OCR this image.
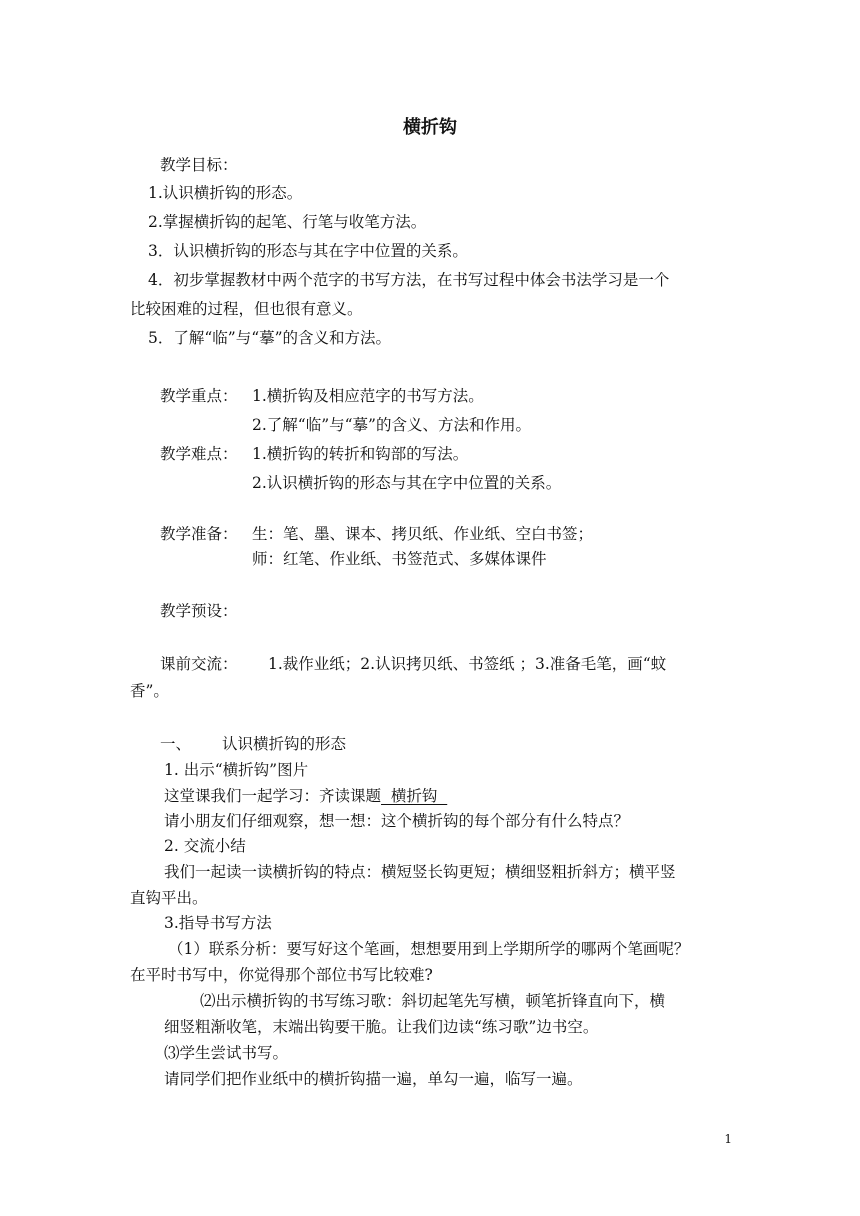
横折钩
教学目标：
1.认识横折钩的形态。
2.掌握横折钩的起笔、行笔与收笔方法。
3．认识横折钩的形态与其在字中位置的关系。
4．初步掌握教材中两个范字的书写方法，在书写过程中体会书法学习是一个
比较困难的过程，但也很有意义。
5．了解“临”与“摹”的含义和方法。
教学重点： 1.横折钩及相应范字的书写方法。
2.了解“临”与“摹”的含义、方法和作用。
教学难点： 1.横折钩的转折和钩部的写法。
2.认识横折钩的形态与其在字中位置的关系。
教学准备： 生：笔、墨、课本、拷贝纸、作业纸、空白书签；
师：红笔、作业纸、书签范式、多媒体课件
教学预设：
课前交流： 1.裁作业纸；2.认识拷贝纸、书签纸 ；3.准备毛笔，画“蚊
香”。
一、 认识横折钩的形态
1. 出示“横折钩”图片
这堂课我们一起学习：齐读课题  横折钩
请小朋友们仔细观察，想一想：这个横折钩的每个部分有什么特点？
2. 交流小结
我们一起读一读横折钩的特点：横短竖长钩更短；横细竖粗折斜方；横平竖
直钩平出。
3.指导书写方法
（1）联系分析：要写好这个笔画，想想要用到上学期所学的哪两个笔画呢？
在平时书写中，你觉得那个部位书写比较难?
⑵出示横折钩的书写练习歌：斜切起笔先写横，顿笔折锋直向下，横
细竖粗渐收笔，末端出钩要干脆。让我们边读“练习歌”边书空。
⑶学生尝试书写。
请同学们把作业纸中的横折钩描一遍，单勾一遍，临写一遍。
1
